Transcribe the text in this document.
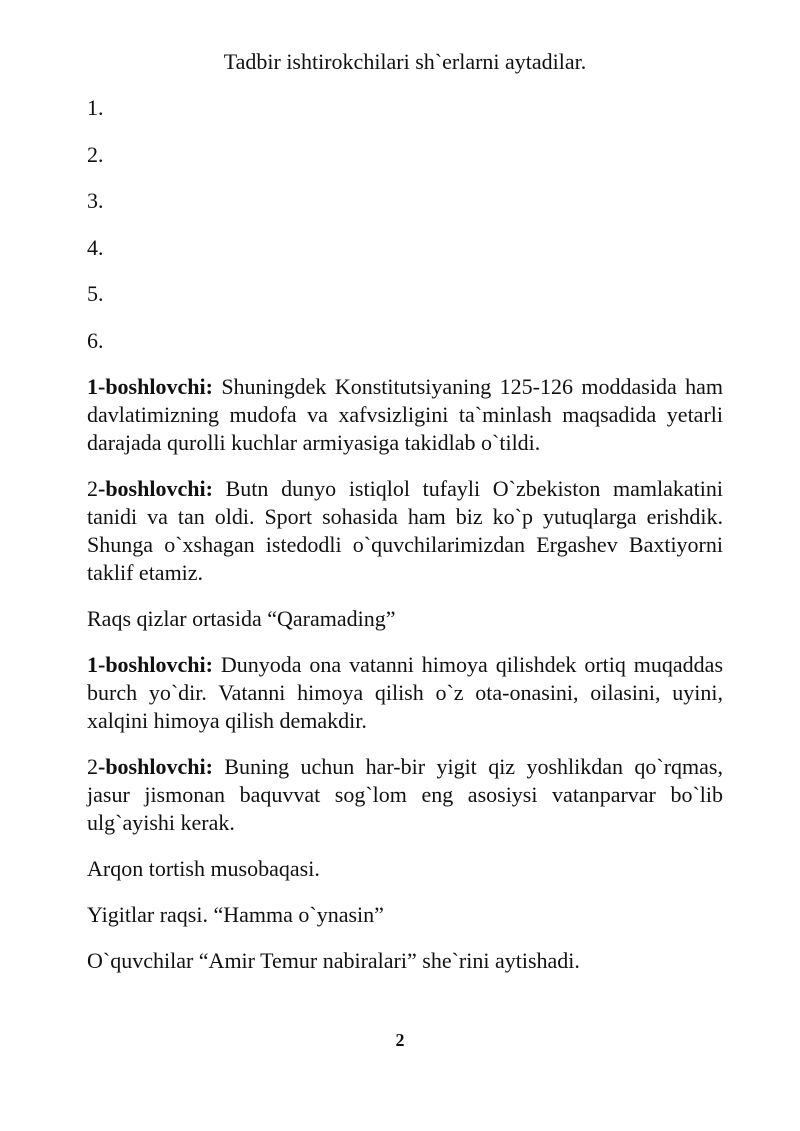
Tadbir ishtirokchilari sh`erlarni aytadilar.

1.
2.
3.
4.
5.
6.

1-boshlovchi: Shuningdek Konstitutsiyaning 125-126 moddasida ham davlatimizning mudofa va xafvsizligini ta`minlash maqsadida yetarli darajada qurolli kuchlar armiyasiga takidlab o`tildi.

2-boshlovchi: Butn dunyo istiqlol tufayli O`zbekiston mamlakatini tanidi va tan oldi. Sport sohasida ham biz ko`p yutuqlarga erishdik. Shunga o`xshagan istedodli o`quvchilarimizdan Ergashev Baxtiyorni taklif etamiz.

Raqs qizlar ortasida “Qaramading”

1-boshlovchi: Dunyoda ona vatanni himoya qilishdek ortiq muqaddas burch yo`dir. Vatanni himoya qilish o`z ota-onasini, oilasini, uyini, xalqini himoya qilish demakdir.

2-boshlovchi: Buning uchun har-bir yigit qiz yoshlikdan qo`rqmas, jasur jismonan baquvvat sog`lom eng asosiysi vatanparvar bo`lib ulg`ayishi kerak.

Arqon tortish musobaqasi.

Yigitlar raqsi. “Hamma o`ynasin”

O`quvchilar “Amir Temur nabiralari” she`rini aytishadi.

2
